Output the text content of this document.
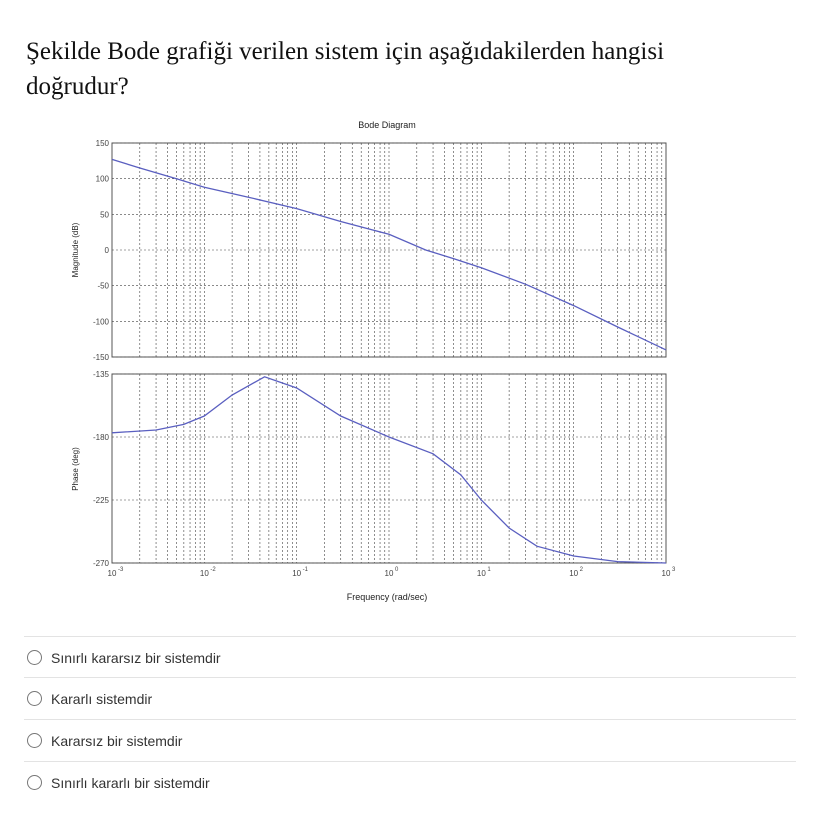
Şekilde Bode grafiği verilen sistem için aşağıdakilerden hangisi doğrudur?
Bode Diagram
Frequency (rad/sec)
Magnitude (dB)
Phase (deg)
150
100
50
0
-50
-100
-150
-135
-180
-225
-270
10 -3	10 -2	10 -1	10 0	10 1	10 2	10 3
Sınırlı kararsız bir sistemdir
Kararlı sistemdir
Kararsız bir sistemdir
Sınırlı kararlı bir sistemdir
